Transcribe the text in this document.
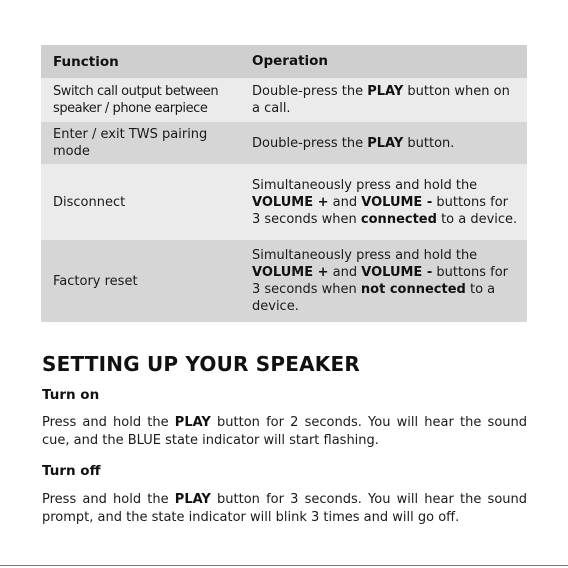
Function	Operation
Switch call output between
speaker / phone earpiece	Double-press the PLAY button when on a call.
Enter / exit TWS pairing
mode	Double-press the PLAY button.
Disconnect	Simultaneously press and hold the VOLUME + and VOLUME - buttons for 3 seconds when connected to a device.
Factory reset	Simultaneously press and hold the VOLUME + and VOLUME - buttons for 3 seconds when not connected to a device.
SETTING UP YOUR SPEAKER
Turn on

Press and hold the PLAY button for 2 seconds. You will hear the sound cue, and the BLUE state indicator will start flashing.

Turn off

Press and hold the PLAY button for 3 seconds. You will hear the sound prompt, and the state indicator will blink 3 times and will go off.
